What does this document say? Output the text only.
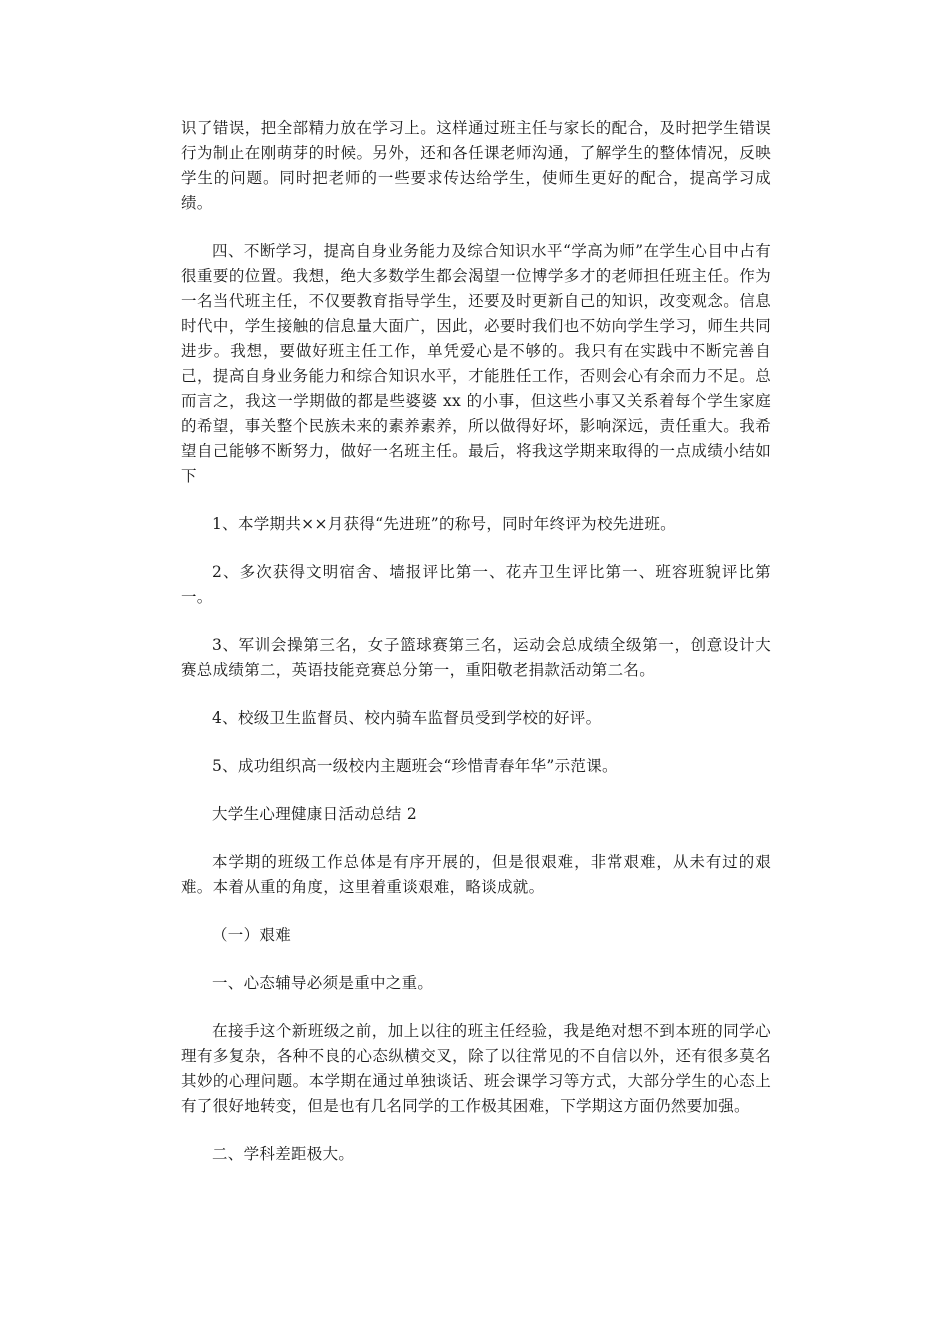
识了错误，把全部精力放在学习上。这样通过班主任与家长的配合，及时把学生错误行为制止在刚萌芽的时候。另外，还和各任课老师沟通，了解学生的整体情况，反映学生的问题。同时把老师的一些要求传达给学生，使师生更好的配合，提高学习成绩。

四、不断学习，提高自身业务能力及综合知识水平“学高为师”在学生心目中占有很重要的位置。我想，绝大多数学生都会渴望一位博学多才的老师担任班主任。作为一名当代班主任，不仅要教育指导学生，还要及时更新自己的知识，改变观念。信息时代中，学生接触的信息量大面广，因此，必要时我们也不妨向学生学习，师生共同进步。我想，要做好班主任工作，单凭爱心是不够的。我只有在实践中不断完善自己，提高自身业务能力和综合知识水平，才能胜任工作，否则会心有余而力不足。总而言之，我这一学期做的都是些婆婆 xx 的小事，但这些小事又关系着每个学生家庭的希望，事关整个民族未来的素养素养，所以做得好坏，影响深远，责任重大。我希望自己能够不断努力，做好一名班主任。最后，将我这学期来取得的一点成绩小结如下

1、本学期共××月获得“先进班”的称号，同时年终评为校先进班。

2、多次获得文明宿舍、墙报评比第一、花卉卫生评比第一、班容班貌评比第一。

3、军训会操第三名，女子篮球赛第三名，运动会总成绩全级第一，创意设计大赛总成绩第二，英语技能竞赛总分第一，重阳敬老捐款活动第二名。

4、校级卫生监督员、校内骑车监督员受到学校的好评。

5、成功组织高一级校内主题班会“珍惜青春年华”示范课。

大学生心理健康日活动总结 2

本学期的班级工作总体是有序开展的，但是很艰难，非常艰难，从未有过的艰难。本着从重的角度，这里着重谈艰难，略谈成就。

（一）艰难

一、心态辅导必须是重中之重。

在接手这个新班级之前，加上以往的班主任经验，我是绝对想不到本班的同学心理有多复杂，各种不良的心态纵横交叉，除了以往常见的不自信以外，还有很多莫名其妙的心理问题。本学期在通过单独谈话、班会课学习等方式，大部分学生的心态上有了很好地转变，但是也有几名同学的工作极其困难，下学期这方面仍然要加强。

二、学科差距极大。
